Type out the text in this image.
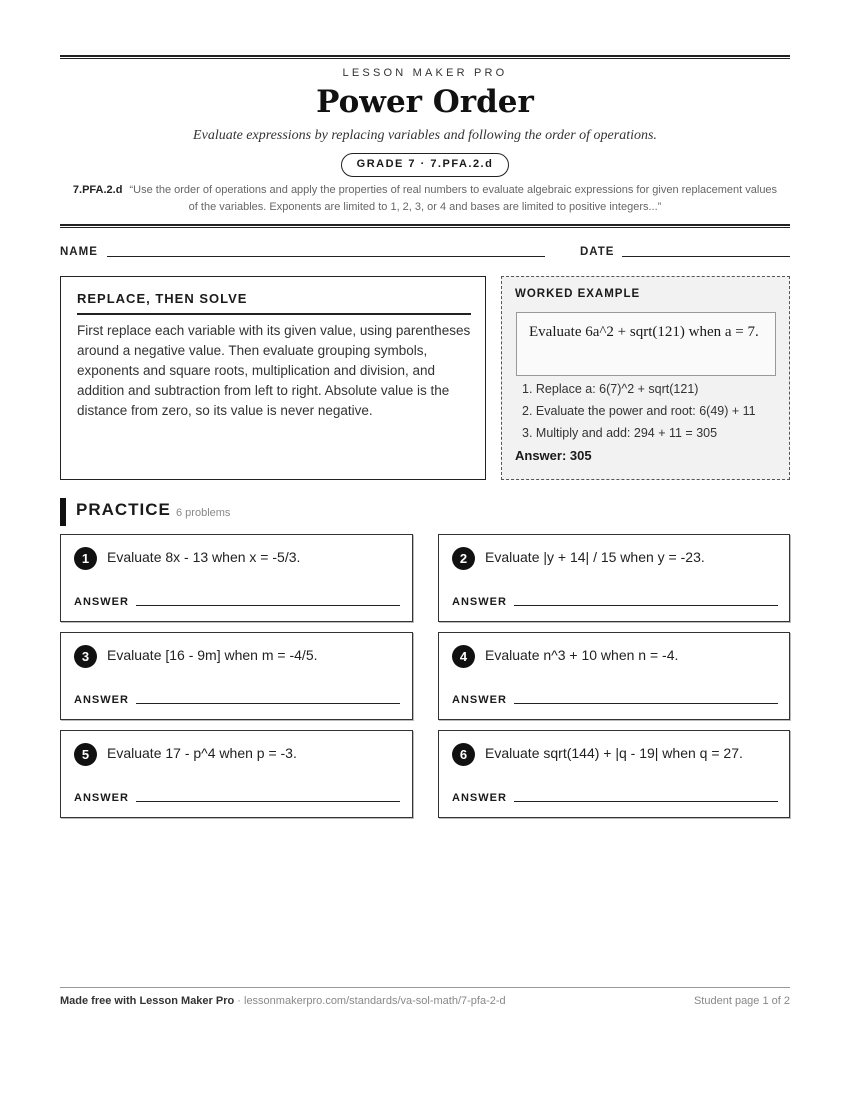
LESSON MAKER PRO
Power Order
Evaluate expressions by replacing variables and following the order of operations.
GRADE 7 · 7.PFA.2.d
7.PFA.2.d “Use the order of operations and apply the properties of real numbers to evaluate algebraic expressions for given replacement values of the variables. Exponents are limited to 1, 2, 3, or 4 and bases are limited to positive integers...”
NAME	DATE
REPLACE, THEN SOLVE
First replace each variable with its given value, using parentheses around a negative value. Then evaluate grouping symbols, exponents and square roots, multiplication and division, and addition and subtraction from left to right. Absolute value is the distance from zero, so its value is never negative.
WORKED EXAMPLE
Evaluate 6a^2 + sqrt(121) when a = 7.
1. Replace a: 6(7)^2 + sqrt(121)
2. Evaluate the power and root: 6(49) + 11
3. Multiply and add: 294 + 11 = 305
Answer: 305
PRACTICE 6 problems
1	Evaluate 8x - 13 when x = -5/3.
ANSWER
2	Evaluate |y + 14| / 15 when y = -23.
ANSWER
3	Evaluate [16 - 9m] when m = -4/5.
ANSWER
4	Evaluate n^3 + 10 when n = -4.
ANSWER
5	Evaluate 17 - p^4 when p = -3.
ANSWER
6	Evaluate sqrt(144) + |q - 19| when q = 27.
ANSWER
Made free with Lesson Maker Pro · lessonmakerpro.com/standards/va-sol-math/7-pfa-2-d	Student page 1 of 2
